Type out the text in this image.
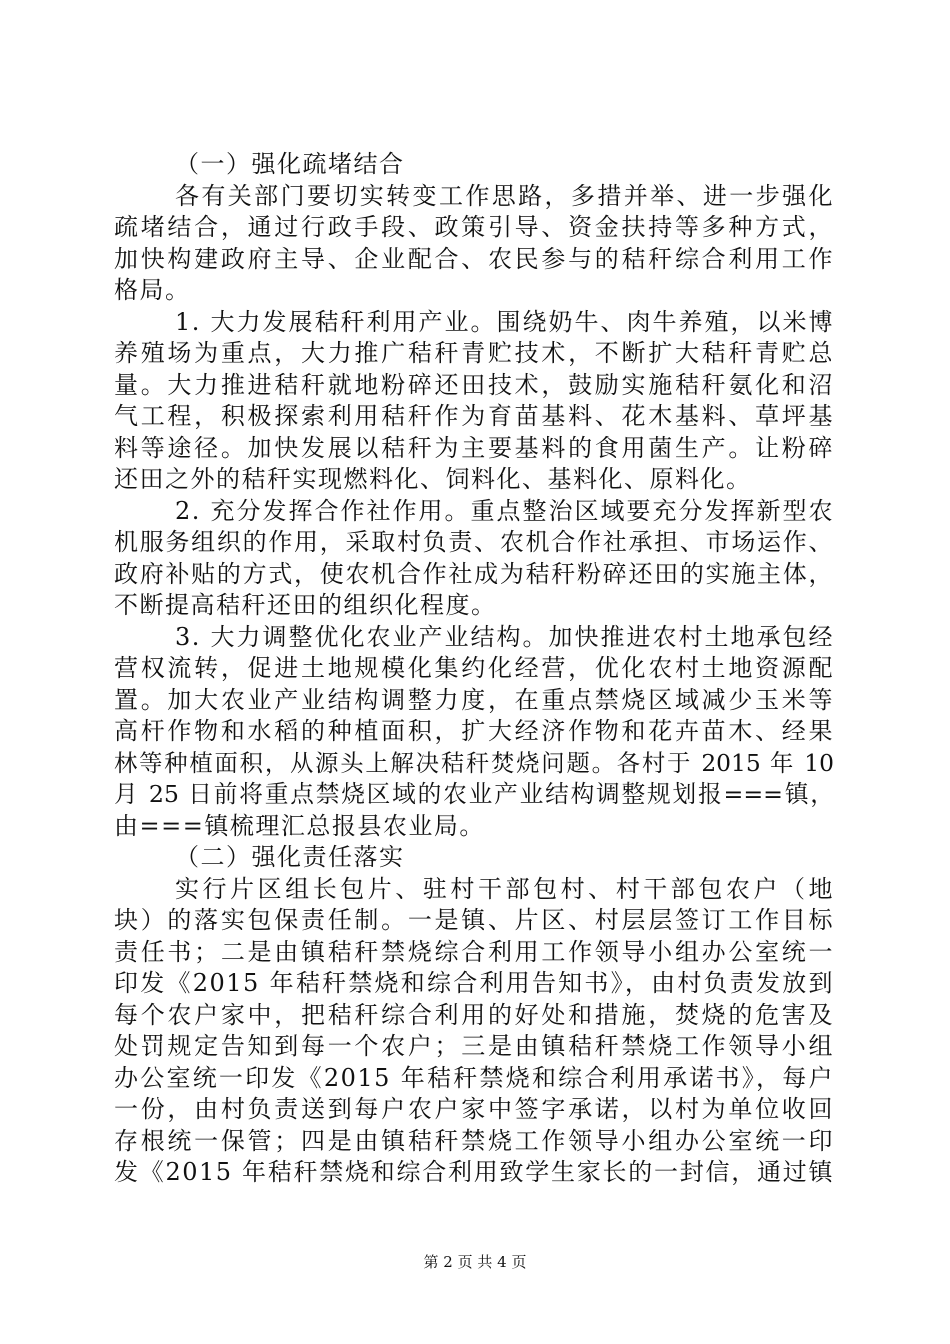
（一）强化疏堵结合
各有关部门要切实转变工作思路，多措并举、进一步强化
疏堵结合，通过行政手段、政策引导、资金扶持等多种方式，
加快构建政府主导、企业配合、农民参与的秸秆综合利用工作
格局。
1. 大力发展秸秆利用产业。围绕奶牛、肉牛养殖，以米博
养殖场为重点，大力推广秸秆青贮技术，不断扩大秸秆青贮总
量。大力推进秸秆就地粉碎还田技术，鼓励实施秸秆氨化和沼
气工程，积极探索利用秸秆作为育苗基料、花木基料、草坪基
料等途径。加快发展以秸秆为主要基料的食用菌生产。让粉碎
还田之外的秸秆实现燃料化、饲料化、基料化、原料化。
2. 充分发挥合作社作用。重点整治区域要充分发挥新型农
机服务组织的作用，采取村负责、农机合作社承担、市场运作、
政府补贴的方式，使农机合作社成为秸秆粉碎还田的实施主体，
不断提高秸秆还田的组织化程度。
3. 大力调整优化农业产业结构。加快推进农村土地承包经
营权流转，促进土地规模化集约化经营，优化农村土地资源配
置。加大农业产业结构调整力度，在重点禁烧区域减少玉米等
高杆作物和水稻的种植面积，扩大经济作物和花卉苗木、经果
林等种植面积，从源头上解决秸秆焚烧问题。各村于 2015 年 10
月 25 日前将重点禁烧区域的农业产业结构调整规划报===镇，
由===镇梳理汇总报县农业局。
（二）强化责任落实
实行片区组长包片、驻村干部包村、村干部包农户（地
块）的落实包保责任制。一是镇、片区、村层层签订工作目标
责任书；二是由镇秸秆禁烧综合利用工作领导小组办公室统一
印发《2015 年秸秆禁烧和综合利用告知书》，由村负责发放到
每个农户家中，把秸秆综合利用的好处和措施，焚烧的危害及
处罚规定告知到每一个农户；三是由镇秸秆禁烧工作领导小组
办公室统一印发《2015 年秸秆禁烧和综合利用承诺书》，每户
一份，由村负责送到每户农户家中签字承诺，以村为单位收回
存根统一保管；四是由镇秸秆禁烧工作领导小组办公室统一印
发《2015 年秸秆禁烧和综合利用致学生家长的一封信，通过镇
第 2 页 共 4 页
